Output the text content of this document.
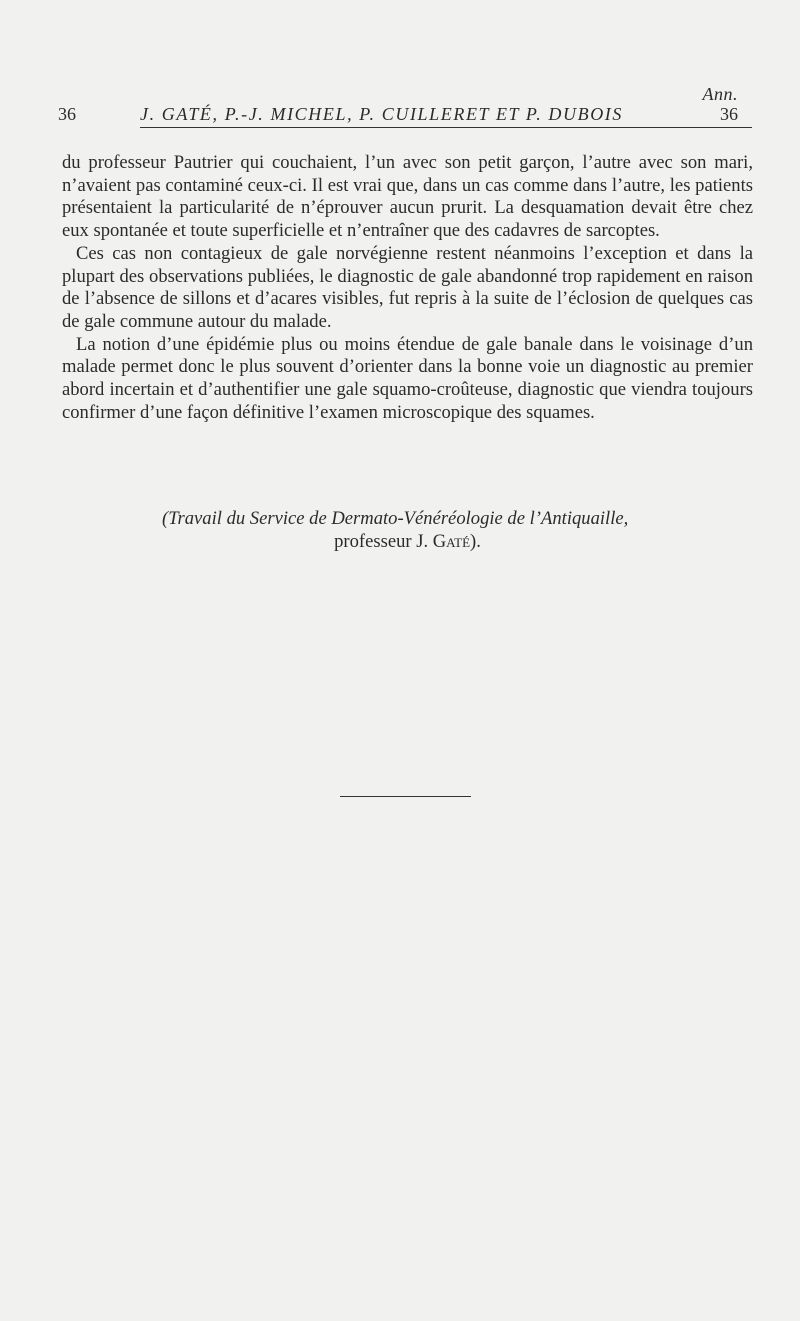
Ann.
36	J. GATÉ, P.-J. MICHEL, P. CUILLERET ET P. DUBOIS	36

du professeur Pautrier qui couchaient, l’un avec son petit garçon, l’autre avec son mari, n’avaient pas contaminé ceux-ci. Il est vrai que, dans un cas comme dans l’autre, les patients présentaient la particularité de n’éprouver aucun prurit. La desquamation devait être chez eux spontanée et toute superficielle et n’entraîner que des cadavres de sarcoptes.

Ces cas non contagieux de gale norvégienne restent néanmoins l’exception et dans la plupart des observations publiées, le diagnostic de gale abandonné trop rapidement en raison de l’absence de sillons et d’acares visibles, fut repris à la suite de l’éclosion de quelques cas de gale commune autour du malade.

La notion d’une épidémie plus ou moins étendue de gale banale dans le voisinage d’un malade permet donc le plus souvent d’orienter dans la bonne voie un diagnostic au premier abord incertain et d’authentifier une gale squamo-croûteuse, diagnostic que viendra toujours confirmer d’une façon définitive l’examen microscopique des squames.

(Travail du Service de Dermato-Vénéréologie de l’Antiquaille,
professeur J. Gaté).
